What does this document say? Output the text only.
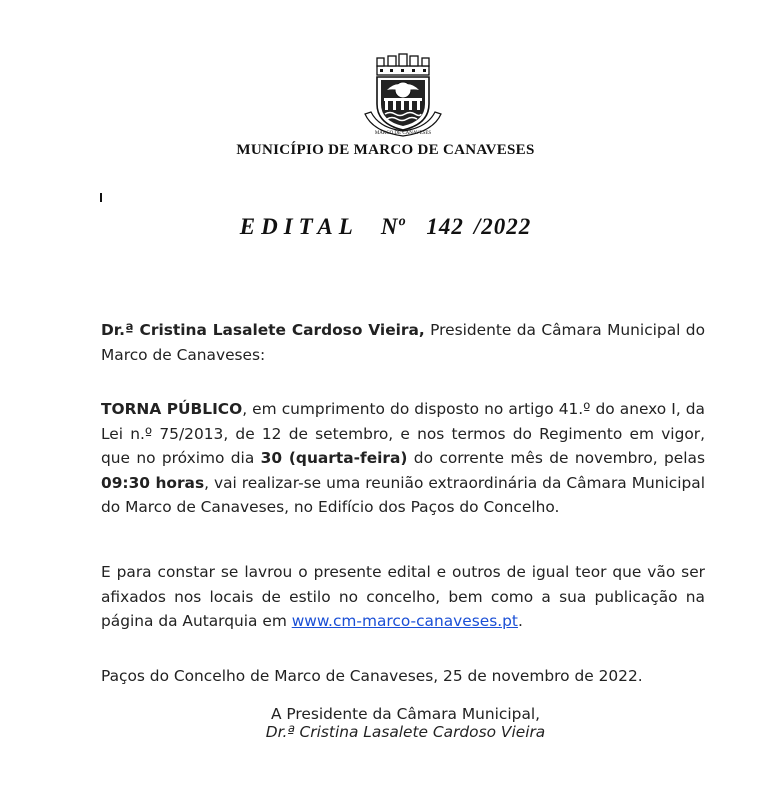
MARCO DE CANAVESES
MUNICÍPIO DE MARCO DE CANAVESES
EDITAL Nº 142 /2022
Dr.ª Cristina Lasalete Cardoso Vieira, Presidente da Câmara Municipal do Marco de Canaveses:
TORNA PÚBLICO, em cumprimento do disposto no artigo 41.º do anexo I, da Lei n.º 75/2013, de 12 de setembro, e nos termos do Regimento em vigor, que no próximo dia 30 (quarta-feira) do corrente mês de novembro, pelas 09:30 horas, vai realizar-se uma reunião extraordinária da Câmara Municipal do Marco de Canaveses, no Edifício dos Paços do Concelho.
E para constar se lavrou o presente edital e outros de igual teor que vão ser afixados nos locais de estilo no concelho, bem como a sua publicação na página da Autarquia em www.cm-marco-canaveses.pt.
Paços do Concelho de Marco de Canaveses, 25 de novembro de 2022.
A Presidente da Câmara Municipal,
Dr.ª Cristina Lasalete Cardoso Vieira
